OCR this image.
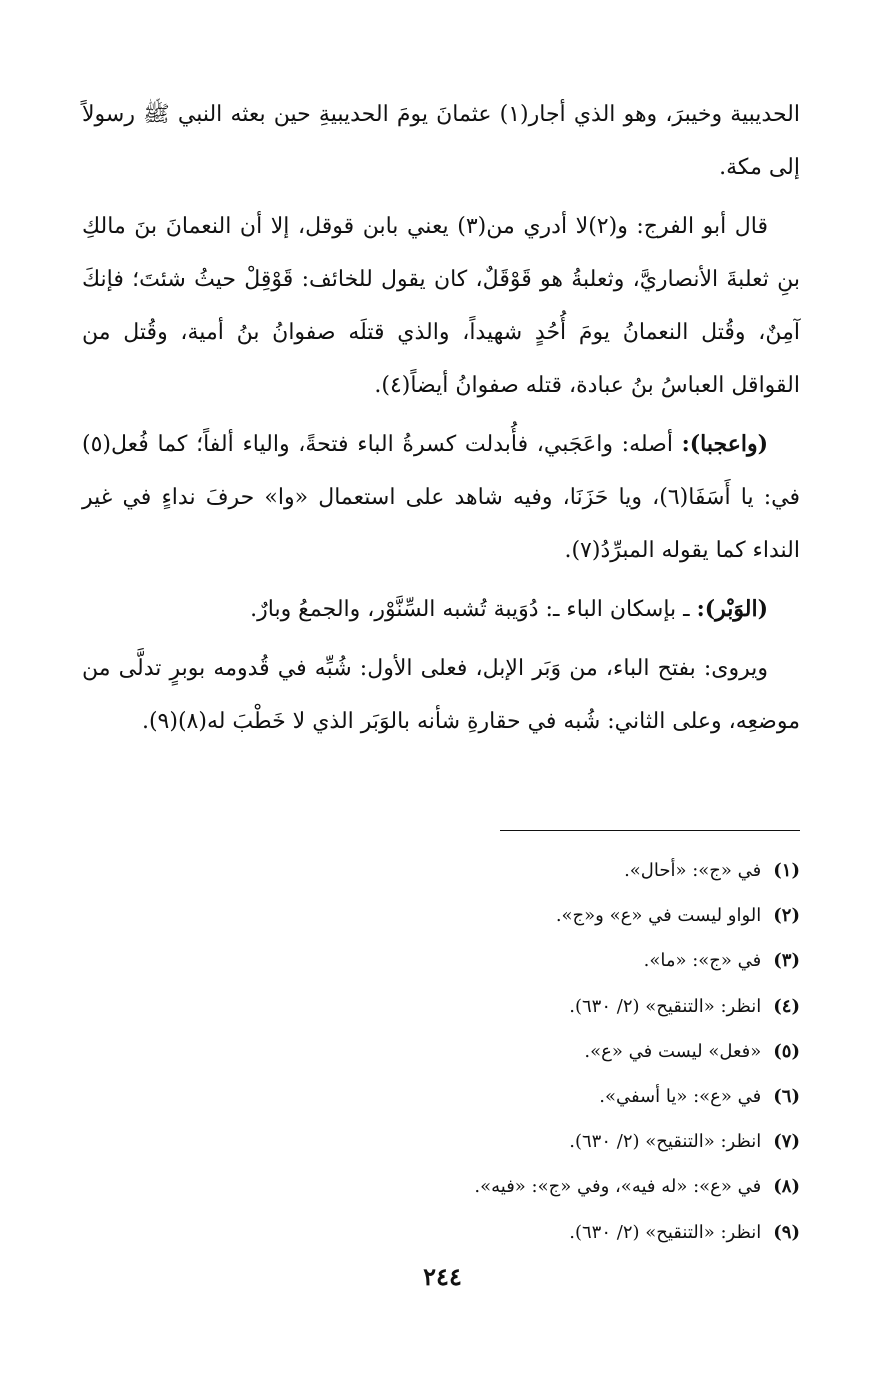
الحديبية وخيبرَ، وهو الذي أجار(١) عثمانَ يومَ الحديبيةِ حين بعثه النبي ﷺ رسولاً إلى مكة.

قال أبو الفرج: و(٢)لا أدري من(٣) يعني بابن قوقل، إلا أن النعمانَ بنَ مالكِ بنِ ثعلبةَ الأنصاريَّ، وثعلبةُ هو قَوْقَلٌ، كان يقول للخائف: قَوْقِلْ حيثُ شئتَ؛ فإنكَ آمِنٌ، وقُتل النعمانُ يومَ أُحُدٍ شهيداً، والذي قتلَه صفوانُ بنُ أمية، وقُتل من القواقل العباسُ بنُ عبادة، قتله صفوانُ أيضاً(٤).

(واعجبا): أصله: واعَجَبي، فأُبدلت كسرةُ الباء فتحةً، والياء ألفاً؛ كما فُعل(٥) في: يا أَسَفَا(٦)، ويا حَزَنَا، وفيه شاهد على استعمال «وا» حرفَ نداءٍ في غير النداء كما يقوله المبرِّدُ(٧).

(الوَبْر): ـ بإسكان الباء ـ: دُوَيبة تُشبه السِّنَّوْر، والجمعُ وبارٌ.

ويروى: بفتح الباء، من وَبَر الإبل، فعلى الأول: شُبِّه في قُدومه بوبرٍ تدلَّى من موضعِه، وعلى الثاني: شُبه في حقارةِ شأنه بالوَبَر الذي لا خَطْبَ له(٨)(٩).

(١)في «ج»: «أحال».

(٢)الواو ليست في «ع» و«ج».

(٣)في «ج»: «ما».

(٤)انظر: «التنقيح» (٢/ ٦٣٠).

(٥)«فعل» ليست في «ع».

(٦)في «ع»: «يا أسفي».

(٧)انظر: «التنقيح» (٢/ ٦٣٠).

(٨)في «ع»: «له فيه»، وفي «ج»: «فيه».

(٩)انظر: «التنقيح» (٢/ ٦٣٠).

٢٤٤
